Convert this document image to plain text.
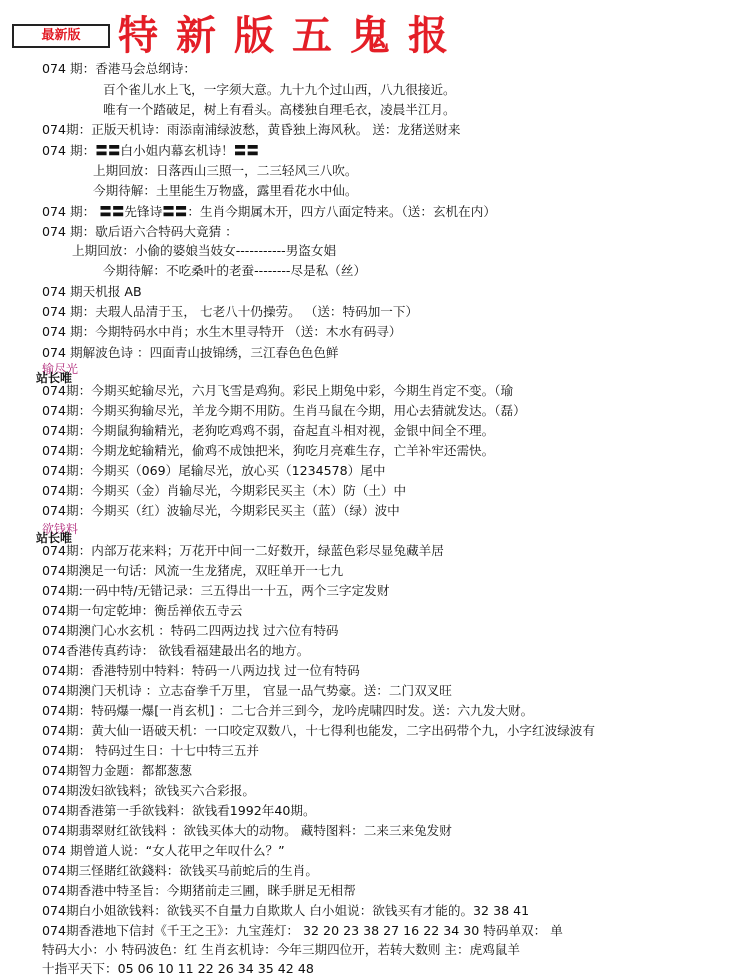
最新版 特新版五鬼报
074 期：香港马会总纲诗：
百个雀儿水上飞，一字须大意。九十九个过山西，八九很接近。
唯有一个踏破足，树上有看头。高楼独自理毛衣，凌晨半江月。
074期：正版天机诗：雨添南浦绿波愁，黄昏独上海风秋。 送：龙猪送财来
074 期：〓〓白小姐内幕玄机诗！〓〓
上期回放：日落西山三照一，二三轻风三八吹。
今期待解：土里能生万物盛，露里看花水中仙。
074 期： 〓〓先锋诗〓〓：生肖今期属木开，四方八面定特来。（送：玄机在内）
074 期：歇后语六合特码大竟猜 ：
上期回放：小偷的婆娘当妓女-----------男盗女娼
今期待解：不吃桑叶的老蚕--------尽是私（丝）
074 期天机报 AB
074 期：夫瑕人品清于玉， 七老八十仍操劳。 （送：特码加一下）
074 期：今期特码水中肖；水生木里寻特开 （送：木水有码寻）
074 期解波色诗 ：四面青山披锦绣，三江春色色色鲜
074期：今期买蛇输尽光，六月飞雪是鸡狗。彩民上期兔中彩，今期生肖定不变。（瑜
074期：今期买狗输尽光，羊龙今期不用防。生肖马鼠在今期，用心去猜就发达。（磊）
074期：今期鼠狗输精光，老狗吃鸡鸡不弱，奋起直斗相对视，金银中间全不理。
074期：今期龙蛇输精光，偷鸡不成蚀把米，狗吃月亮难生存，亡羊补牢还需快。
074期：今期买（069）尾输尽光，放心买（1234578）尾中
074期：今期买（金）肖输尽光，今期彩民买主（木）防（土）中
074期：今期买（红）波输尽光，今期彩民买主（蓝）（绿）波中
074期：内部万花来料；万花开中间一二好数开，绿蓝色彩尽显兔藏羊居
074期澳足一句话：风流一生龙猪虎，双旺单开一七九
074期:一码中特/无错记录：三五得出一十五，两个三字定发财
074期一句定乾坤：衡岳禅依五寺云
074期澳门心水玄机 ：特码二四两边找 过六位有特码
074香港传真药诗： 欲钱看福建最出名的地方。
074期：香港特别中特料：特码一八两边找 过一位有特码
074期澳门天机诗 ：立志奋拳千万里， 官显一品气势豪。送：二门双叉旺
074期：特码爆一爆[一肖玄机] ：二七合并三到今，龙吟虎啸四时发。送：六九发大财。
074期：黄大仙一语破天机：一口咬定双数八，十七得利也能发，二字出码带个九，小字红波绿波有
074期： 特码过生日：十七中特三五并
074期智力金题：都都葱葱
074期泼妇欲钱料；欲钱买六合彩报。
074期香港第一手欲钱料：欲钱看1992年40期。
074期翡翠财红欲钱料 ：欲钱买体大的动物。 藏特图料：二来三来兔发财
074 期曾道人说：“女人花甲之年叹什么？”
074期三怪賭红欲錢料：欲钱买马前蛇后的生肖。
074期香港中特圣旨：今期猪前走三圃，眯手胼足无相帮
074期白小姐欲钱料：欲钱买不自量力自欺欺人 白小姐说：欲钱买有才能的。32 38 41
074期香港地下信封《千王之王》：九宝莲灯： 32 20 23 38 27 16 22 34 30 特码单双： 单
特码大小：小 特码波色：红 生肖玄机诗：今年三期四位开，若转大数则 主：虎鸡鼠羊
十指平天下：05 06 10 11 22 26 34 35 42 48
输尽光
站长唯
欲钱料
站长唯
